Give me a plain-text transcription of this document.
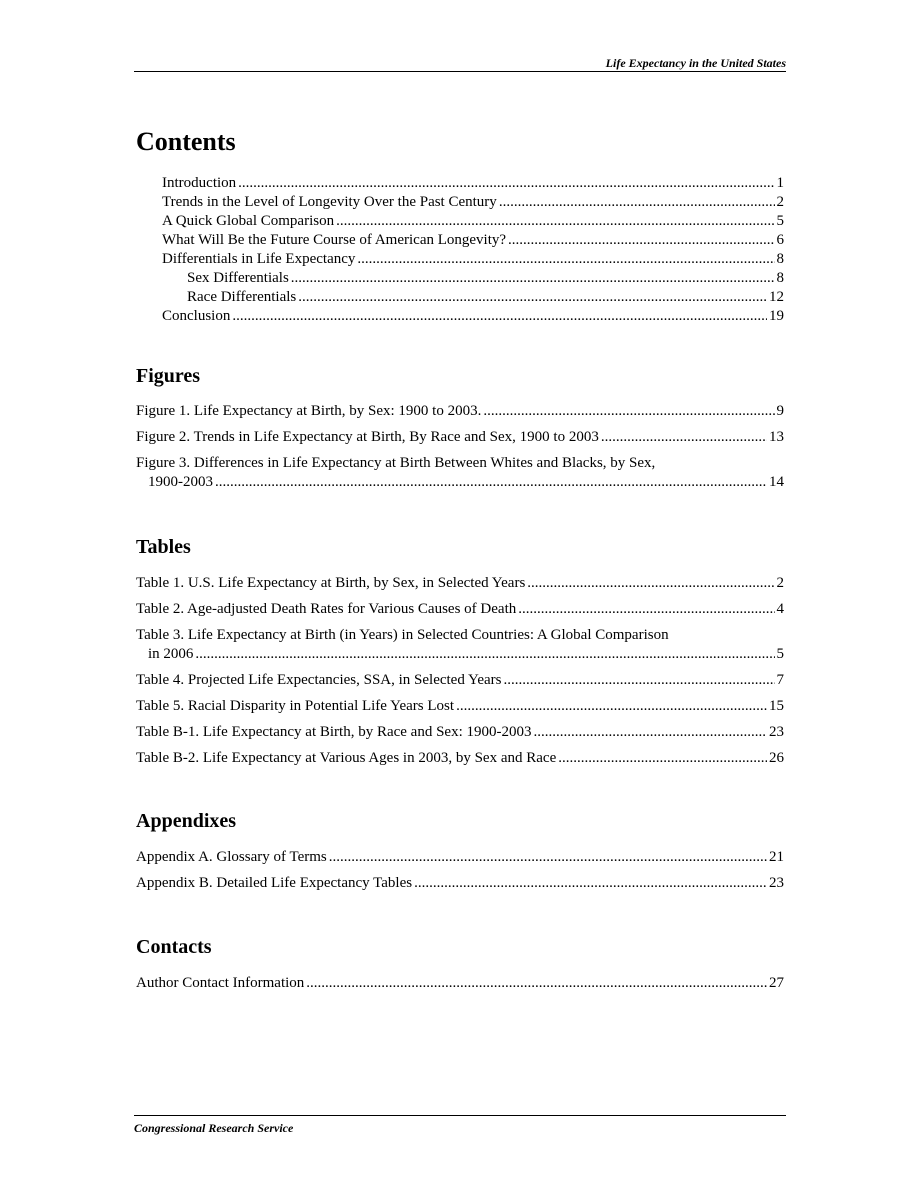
Life Expectancy in the United States
Contents
Introduction .....	1
Trends in the Level of Longevity Over the Past Century .....	2
A Quick Global Comparison .....	5
What Will Be the Future Course of American Longevity? .....	6
Differentials in Life Expectancy .....	8
Sex Differentials .....	8
Race Differentials .....	12
Conclusion .....	19
Figures
Figure 1. Life Expectancy at Birth, by Sex: 1900 to 2003. .....	9
Figure 2. Trends in Life Expectancy at Birth, By Race and Sex, 1900 to 2003 .....	13
Figure 3. Differences in Life Expectancy at Birth Between Whites and Blacks, by Sex,
1900-2003 .....	14
Tables
Table 1. U.S. Life Expectancy at Birth, by Sex, in Selected Years .....	2
Table 2. Age-adjusted Death Rates for Various Causes of Death .....	4
Table 3. Life Expectancy at Birth (in Years) in Selected Countries: A Global Comparison
in 2006 .....	5
Table 4. Projected Life Expectancies, SSA, in Selected Years .....	7
Table 5. Racial Disparity in Potential Life Years Lost .....	15
Table B-1. Life Expectancy at Birth, by Race and Sex: 1900-2003 .....	23
Table B-2. Life Expectancy at Various Ages in 2003, by Sex and Race .....	26
Appendixes
Appendix A. Glossary of Terms .....	21
Appendix B. Detailed Life Expectancy Tables .....	23
Contacts
Author Contact Information .....	27
Congressional Research Service
